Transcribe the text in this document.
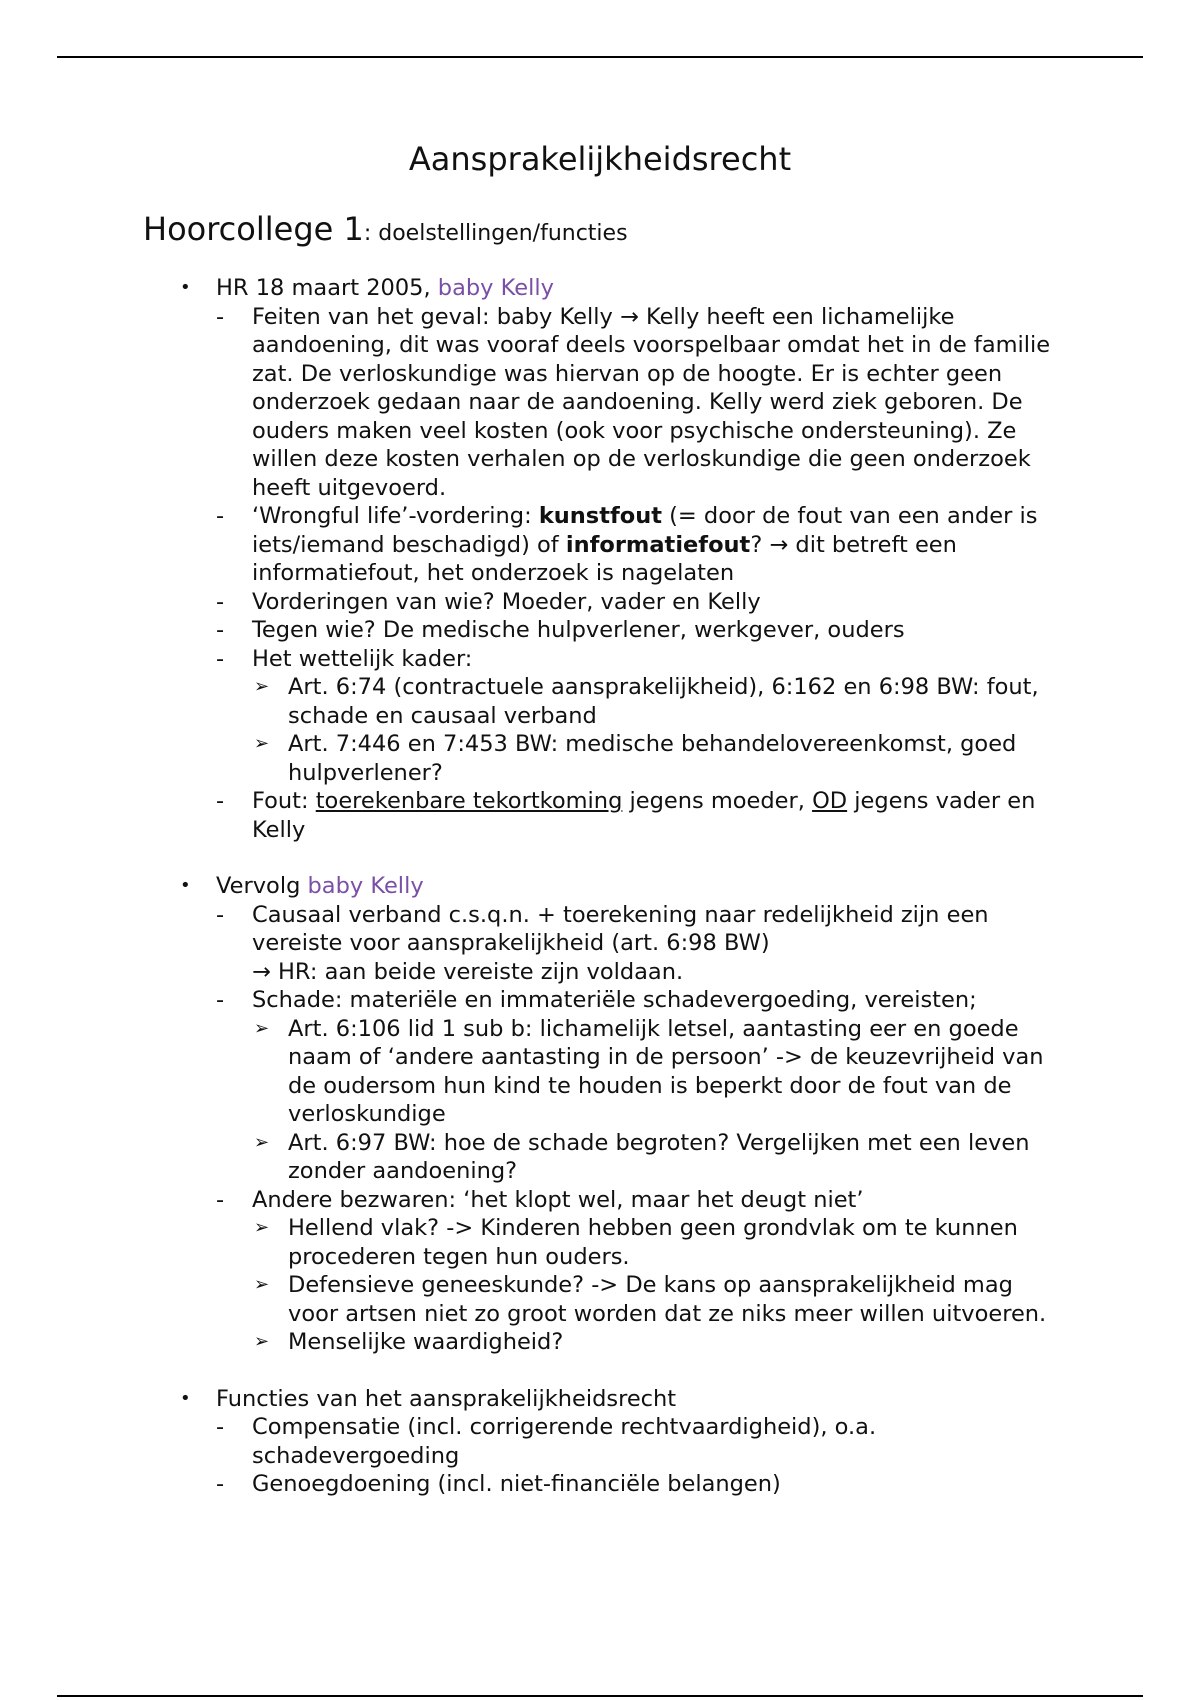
Aansprakelijkheidsrecht
Hoorcollege 1: doelstellingen/functies
• HR 18 maart 2005, baby Kelly
- Feiten van het geval: baby Kelly → Kelly heeft een lichamelijke aandoening, dit was vooraf deels voorspelbaar omdat het in de familie zat. De verloskundige was hiervan op de hoogte. Er is echter geen onderzoek gedaan naar de aandoening. Kelly werd ziek geboren. De ouders maken veel kosten (ook voor psychische ondersteuning). Ze willen deze kosten verhalen op de verloskundige die geen onderzoek heeft uitgevoerd.
- ‘Wrongful life’-vordering: kunstfout (= door de fout van een ander is iets/iemand beschadigd) of informatiefout? → dit betreft een informatiefout, het onderzoek is nagelaten
- Vorderingen van wie? Moeder, vader en Kelly
- Tegen wie? De medische hulpverlener, werkgever, ouders
- Het wettelijk kader:
➢ Art. 6:74 (contractuele aansprakelijkheid), 6:162 en 6:98 BW: fout, schade en causaal verband
➢ Art. 7:446 en 7:453 BW: medische behandelovereenkomst, goed hulpverlener?
- Fout: toerekenbare tekortkoming jegens moeder, OD jegens vader en Kelly
• Vervolg baby Kelly
- Causaal verband c.s.q.n. + toerekening naar redelijkheid zijn een vereiste voor aansprakelijkheid (art. 6:98 BW)
→ HR: aan beide vereiste zijn voldaan.
- Schade: materiële en immateriële schadevergoeding, vereisten;
➢ Art. 6:106 lid 1 sub b: lichamelijk letsel, aantasting eer en goede naam of ‘andere aantasting in de persoon’ -> de keuzevrijheid van de oudersom hun kind te houden is beperkt door de fout van de verloskundige
➢ Art. 6:97 BW: hoe de schade begroten? Vergelijken met een leven zonder aandoening?
- Andere bezwaren: ‘het klopt wel, maar het deugt niet’
➢ Hellend vlak? -> Kinderen hebben geen grondvlak om te kunnen procederen tegen hun ouders.
➢ Defensieve geneeskunde? -> De kans op aansprakelijkheid mag voor artsen niet zo groot worden dat ze niks meer willen uitvoeren.
➢ Menselijke waardigheid?
• Functies van het aansprakelijkheidsrecht
- Compensatie (incl. corrigerende rechtvaardigheid), o.a. schadevergoeding
- Genoegdoening (incl. niet-financiële belangen)
